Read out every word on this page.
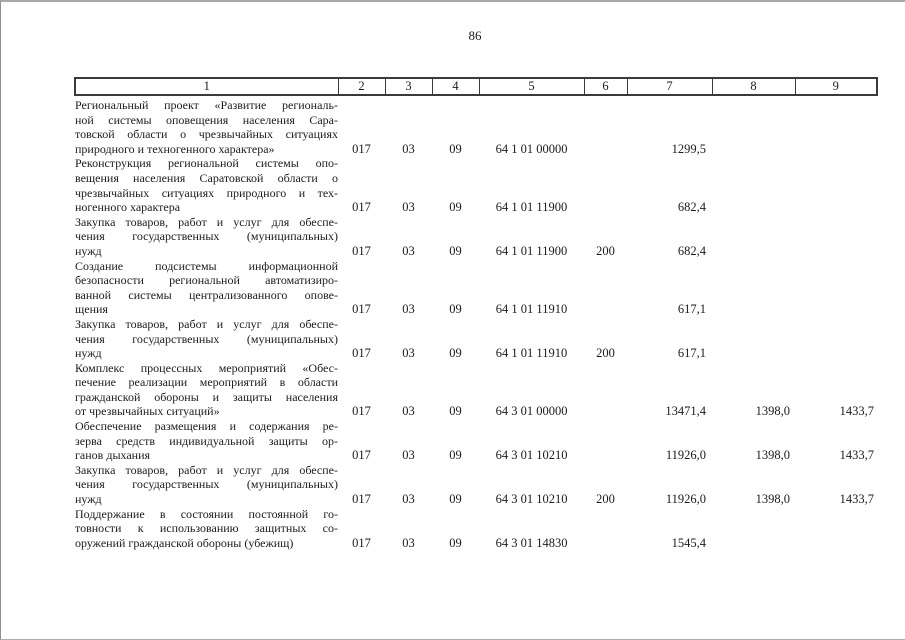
86
1	2	3	4	5	6	7	8	9

Региональный проект «Развитие региональ-
ной системы оповещения населения Сара-
товской области о чрезвычайных ситуациях
природного и техногенного характера»	017	03	09	64 1 01 00000		1299,5		

Реконструкция региональной системы опо-
вещения населения Саратовской области о
чрезвычайных ситуациях природного и тех-
ногенного характера	017	03	09	64 1 01 11900		682,4		

Закупка товаров, работ и услуг для обеспе-
чения государственных (муниципальных)
нужд	017	03	09	64 1 01 11900	200	682,4		

Создание подсистемы информационной
безопасности региональной автоматизиро-
ванной системы централизованного опове-
щения	017	03	09	64 1 01 11910		617,1		

Закупка товаров, работ и услуг для обеспе-
чения государственных (муниципальных)
нужд	017	03	09	64 1 01 11910	200	617,1		

Комплекс процессных мероприятий «Обес-
печение реализации мероприятий в области
гражданской обороны и защиты населения
от чрезвычайных ситуаций»	017	03	09	64 3 01 00000		13471,4	1398,0	1433,7

Обеспечение размещения и содержания ре-
зерва средств индивидуальной защиты ор-
ганов дыхания	017	03	09	64 3 01 10210		11926,0	1398,0	1433,7

Закупка товаров, работ и услуг для обеспе-
чения государственных (муниципальных)
нужд	017	03	09	64 3 01 10210	200	11926,0	1398,0	1433,7

Поддержание в состоянии постоянной го-
товности к использованию защитных со-
оружений гражданской обороны (убежищ)	017	03	09	64 3 01 14830		1545,4		
